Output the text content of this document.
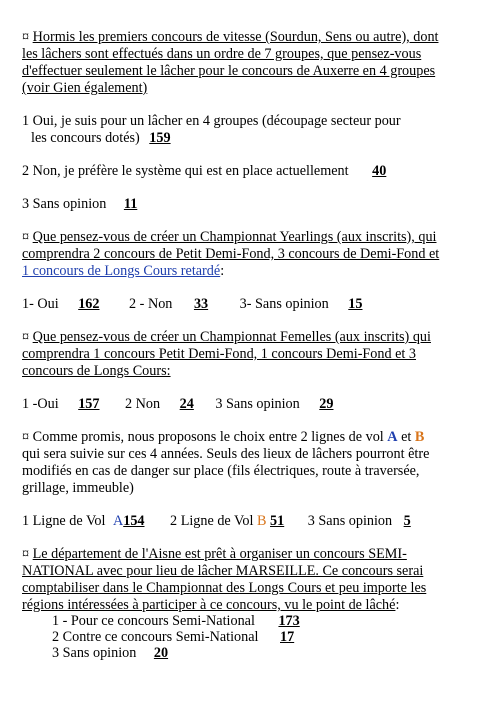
¤ Hormis les premiers concours de vitesse (Sourdun, Sens ou autre), dont
les lâchers sont effectués dans un ordre de 7 groupes, que pensez-vous
d'effectuer seulement le lâcher pour le concours de Auxerre en 4 groupes
(voir Gien également)
1 Oui, je suis pour un lâcher en 4 groupes (découpage secteur pour
les concours dotés) 159
2 Non, je préfère le système qui est en place actuellement 40
3 Sans opinion 11
¤ Que pensez-vous de créer un Championnat Yearlings (aux inscrits), qui
comprendra 2 concours de Petit Demi-Fond, 3 concours de Demi-Fond et
1 concours de Longs Cours retardé:
1- Oui 162 2 - Non 33 3- Sans opinion 15
¤ Que pensez-vous de créer un Championnat Femelles (aux inscrits) qui
comprendra 1 concours Petit Demi-Fond, 1 concours Demi-Fond et 3
concours de Longs Cours:
1 -Oui 157 2 Non 24 3 Sans opinion 29
¤ Comme promis, nous proposons le choix entre 2 lignes de vol A et B
qui sera suivie sur ces 4 années. Seuls des lieux de lâchers pourront être
modifiés en cas de danger sur place (fils électriques, route à traversée,
grillage, immeuble)
1 Ligne de Vol A154 2 Ligne de Vol B 51 3 Sans opinion 5
¤ Le département de l'Aisne est prêt à organiser un concours SEMI-
NATIONAL avec pour lieu de lâcher MARSEILLE. Ce concours serai
comptabiliser dans le Championnat des Longs Cours et peu importe les
régions intéressées à participer à ce concours, vu le point de lâché:
1 - Pour ce concours Semi-National 173
2 Contre ce concours Semi-National 17
3 Sans opinion 20
